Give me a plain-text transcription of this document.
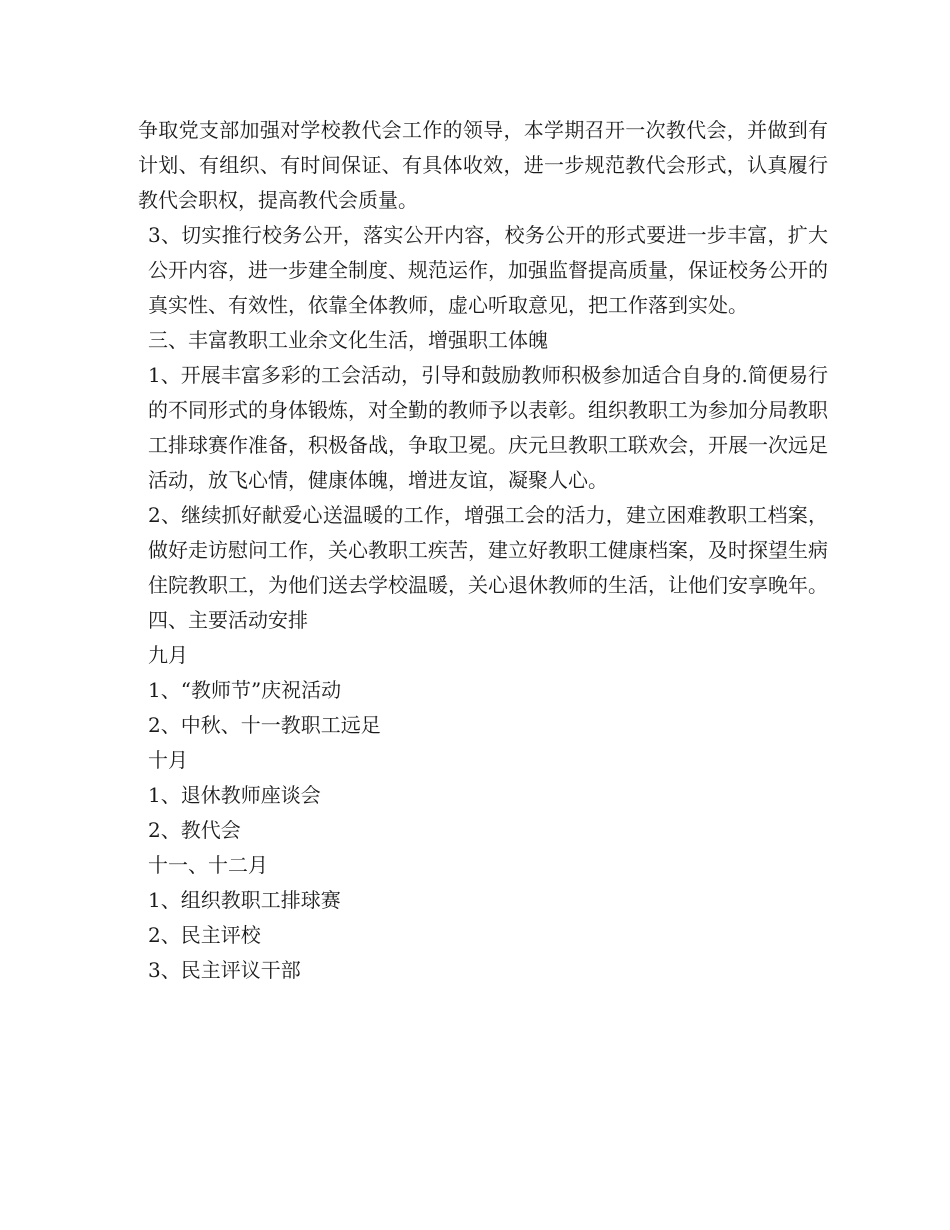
争取党支部加强对学校教代会工作的领导，本学期召开一次教代会，并做到有计划、有组织、有时间保证、有具体收效，进一步规范教代会形式，认真履行教代会职权，提高教代会质量。

3、切实推行校务公开，落实公开内容，校务公开的形式要进一步丰富，扩大公开内容，进一步建全制度、规范运作，加强监督提高质量，保证校务公开的真实性、有效性，依靠全体教师，虚心听取意见，把工作落到实处。

三、丰富教职工业余文化生活，增强职工体魄

1、开展丰富多彩的工会活动，引导和鼓励教师积极参加适合自身的.简便易行的不同形式的身体锻炼，对全勤的教师予以表彰。组织教职工为参加分局教职工排球赛作准备，积极备战，争取卫冕。庆元旦教职工联欢会，开展一次远足活动，放飞心情，健康体魄，增进友谊，凝聚人心。

2、继续抓好献爱心送温暖的工作，增强工会的活力，建立困难教职工档案，做好走访慰问工作，关心教职工疾苦，建立好教职工健康档案，及时探望生病住院教职工，为他们送去学校温暖，关心退休教师的生活，让他们安享晚年。

四、主要活动安排

九月

1、“教师节”庆祝活动

2、中秋、十一教职工远足

十月

1、退休教师座谈会

2、教代会

十一、十二月

1、组织教职工排球赛

2、民主评校

3、民主评议干部
